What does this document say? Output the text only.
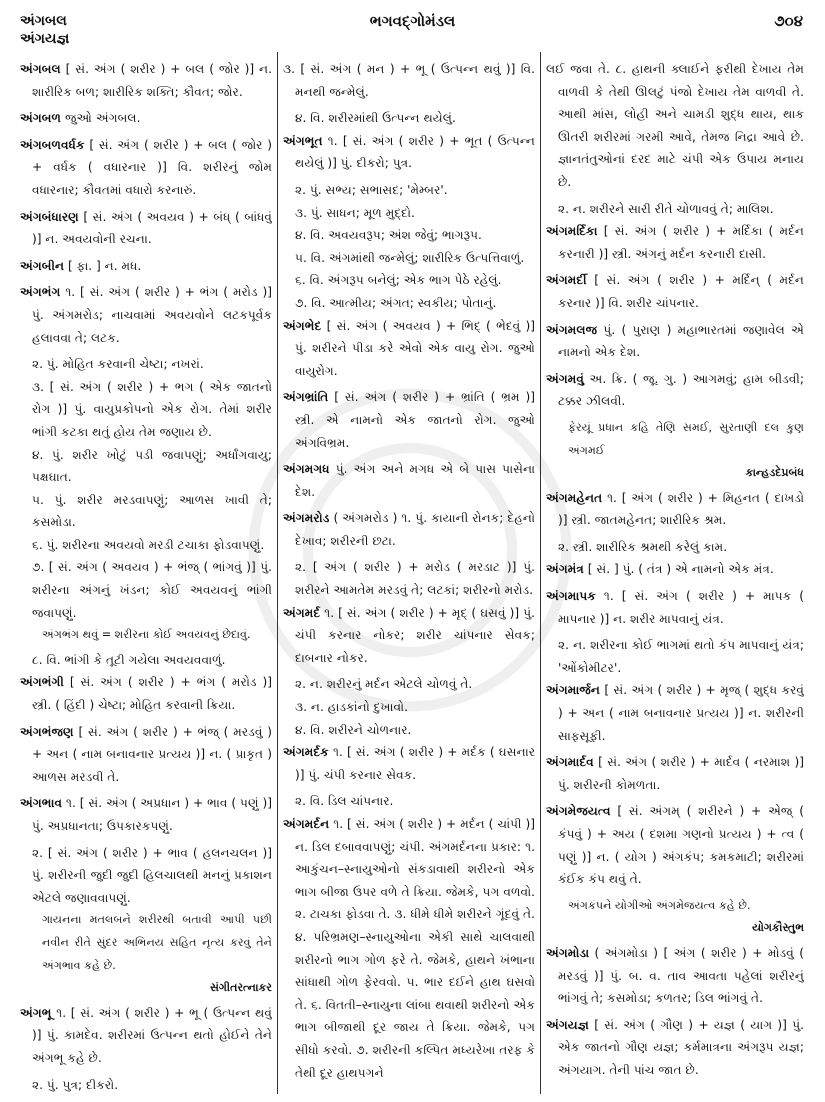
અંગબલ
અંગયજ્ઞ
ભગવદ્ગોમંડલ	૭૦૪
અંગબલ [ સં. અંગ ( શરીર ) + બલ ( જોર )] ન. શારીરિક બળ; શારીરિક શક્તિ; કૌવત; જોર.
અંગબળ જુઓ અંગબલ.
અંગબળવર્ધક [ સં. અંગ ( શરીર ) + બલ ( જોર ) + વર્ધક ( વધારનાર )] વિ. શરીરનું જોમ વધારનાર; કૌવતમાં વધારો કરનારું.
અંગબંધારણ [ સં. અંગ ( અવયવ ) + બંધ્ ( બાંધવું )] ન. અવયવોની રચના.
અંગબીન [ ફા. ] ન. મધ.
અંગભંગ ૧. [ સં. અંગ ( શરીર ) + ભંગ ( મરોડ )] પું. અંગમરોડ; નાચવામાં અવયવોને લટકપૂર્વક હલાવવા તે; લટક.
૨. પું. મોહિત કરવાની ચેષ્ટા; નખરાં.
૩. [ સં. અંગ ( શરીર ) + ભગ ( એક જાતનો રોગ )] પું. વાયુપ્રકોપનો એક રોગ. તેમાં શરીર ભાંગી કટકા થતું હોય તેમ જણાય છે.
૪. પું. શરીર ખોટું પડી જવાપણું; અર્ધાંગવાયુ; પક્ષઘાત.
૫. પું. શરીર મરડવાપણું; આળસ ખાવી તે; કસમોડા.
૬. પું. શરીરના અવયવો મરડી ટચાકા ફોડવાપણું.
૭. [ સં. અંગ ( અવયવ ) + ભંજ્ ( ભાંગવું )] પું. શરીરના અંગનું ખંડન; કોઈ અવયવનું ભાંગી જવાપણું.
અંગભંગ થવું = શરીરના કોઈ અવયવનું છેદાવું.
૮. વિ. ભાંગી કે તૂટી ગયેલા અવયવવાળું.
અંગભંગી [ સં. અંગ ( શરીર ) + ભંગ ( મરોડ )] સ્ત્રી. ( હિંદી ) ચેષ્ટા; મોહિત કરવાની ક્રિયા.
અંગભંજણ [ સં. અંગ ( શરીર ) + ભંજ્ ( મરડવું ) + અન ( નામ બનાવનાર પ્રત્યય )] ન. ( પ્રાકૃત ) આળસ મરડવી તે.
અંગભાવ ૧. [ સં. અંગ ( અપ્રધાન ) + ભાવ ( પણું )] પું. અપ્રધાનતા; ઉપકારકપણું.
૨. [ સં. અંગ ( શરીર ) + ભાવ ( હલનચલન )] પું. શરીરની જુદી જુદી હિલચાલથી મનનું પ્રકાશન એટલે જણાવવાપણું.
ગાયનના મતલબને શરીરથી બતાવી આપી પછી નવીન રીતે સુંદર અભિનય સહિત નૃત્ય કરવું તેને અંગભાવ કહે છે.
સંગીતરત્નાકર
અંગભૂ ૧. [ સં. અંગ ( શરીર ) + ભૂ ( ઉત્પન્ન થવું )] પું. કામદેવ. શરીરમાં ઉત્પન્ન થતો હોઈને તેને અંગભૂ કહે છે.
૨. પું. પુત્ર; દીકરો.
૩. [ સં. અંગ ( મન ) + ભૂ ( ઉત્પન્ન થવું )] વિ. મનથી જન્મેલું.
૪. વિ. શરીરમાંથી ઉત્પન્ન થયેલું.
અંગભૂત ૧. [ સં. અંગ ( શરીર ) + ભૂત ( ઉત્પન્ન થયેલું )] પું. દીકરો; પુત્ર.
૨. પું. સભ્ય; સભાસદ; 'મેમ્બર'.
૩. પું. સાધન; મૂળ મુદ્દો.
૪. વિ. અવયવરૂપ; અંશ જેવું; ભાગરૂપ.
૫. વિ. અંગમાંથી જન્મેલું; શારીરિક ઉત્પત્તિવાળું.
૬. વિ. અંગરૂપ બનેલું; એક ભાગ પેઠે રહેલું.
૭. વિ. આત્મીય; અંગત; સ્વકીય; પોતાનું.
અંગભેદ [ સં. અંગ ( અવયવ ) + ભિદ્ ( ભેદવું )] પું. શરીરને પીડા કરે એવો એક વાયુ રોગ. જુઓ વાયુરોગ.
અંગભ્રાંતિ [ સં. અંગ ( શરીર ) + ભ્રાંતિ ( ભ્રમ )] સ્ત્રી. એ નામનો એક જાતનો રોગ. જુઓ અંગવિભ્રમ.
અંગમગધ પું. અંગ અને મગધ એ બે પાસ પાસેના દેશ.
અંગમરોડ ( અંગમરોડ ) ૧. પું. કાયાની રોનક; દેહનો દેખાવ; શરીરની છટા.
૨. [ અંગ ( શરીર ) + મરોડ ( મરડાટ )] પું. શરીરને આમતેમ મરડવું તે; લટકાં; શરીરનો મરોડ.
અંગમર્દ ૧. [ સં. અંગ ( શરીર ) + મૃદ્ ( ઘસવું )] પું. ચંપી કરનાર નોકર; શરીર ચાંપનાર સેવક; દાબનાર નોકર.
૨. ન. શરીરનું મર્દન એટલે ચોળવું તે.
૩. ન. હાડકાંનો દુખાવો.
૪. વિ. શરીરને ચોળનાર.
અંગમર્દક ૧. [ સં. અંગ ( શરીર ) + મર્દક ( ઘસનાર )] પું. ચંપી કરનાર સેવક.
૨. વિ. ડિલ ચાંપનાર.
અંગમર્દન ૧. [ સં. અંગ ( શરીર ) + મર્દન ( ચાંપી )] ન. ડિલ દબાવવાપણું; ચંપી. અંગમર્દનના પ્રકાર: ૧. આકુંચન–સ્નાયુઓનો સંકડાવાથી શરીરનો એક ભાગ બીજા ઉપર વળે તે ક્રિયા. જેમકે, પગ વળવો. ૨. ટાચકા ફોડવા તે. ૩. ધીમે ધીમે શરીરને ગૂંદવું તે. ૪. પરિભ્રમણ–સ્નાયુઓના એકી સાથે ચાલવાથી શરીરનો ભાગ ગોળ ફરે તે. જેમકે, હાથને ખંભાના સાંધાથી ગોળ ફેરવવો. ૫. ભાર દઈને હાથ ઘસવો તે. ૬. વિતતી–સ્નાયુના લાંબા થવાથી શરીરનો એક ભાગ બીજાથી દૂર જાય તે ક્રિયા. જેમકે, પગ સીધો કરવો. ૭. શરીરની કલ્પિત મધ્યરેખા તરફ કે તેથી દૂર હાથપગને
લઈ જવા તે. ૮. હાથની ક્લાઈને ફરીથી દેખાય તેમ વાળવી કે તેથી ઊલટું પંજો દેખાય તેમ વાળવી તે. આથી માંસ, લોહી અને ચામડી શુદ્ધ થાય, થાક ઊતરી શરીરમાં ગરમી આવે, તેમજ નિદ્રા આવે છે. જ્ઞાનતંતુઓનાં દરદ માટે ચંપી એક ઉપાય મનાય છે.
૨. ન. શરીરને સારી રીતે ચોળાવવું તે; માલિશ.
અંગમર્દિકા [ સં. અંગ ( શરીર ) + મર્દિકા ( મર્દન કરનારી )] સ્ત્રી. અંગનું મર્દન કરનારી દાસી.
અંગમર્દી [ સં. અંગ ( શરીર ) + મર્દિન્ ( મર્દન કરનાર )] વિ. શરીર ચાંપનાર.
અંગમલજ પું. ( પુરાણ ) મહાભારતમાં જણાવેલ એ નામનો એક દેશ.
અંગમવું અ. ક્રિ. ( જૂ. ગુ. ) આગમવું; હામ બીડવી; ટક્કર ઝીલવી.
ફેરયૂં પ્રધાન કહિ તેણિ સમઈ, સુરતાણી દલ કુણ અંગમઈ
કાન્હડદેપ્રબંધ
અંગમહેનત ૧. [ અંગ ( શરીર ) + મિહનત ( દાખડો )] સ્ત્રી. જાતમહેનત; શારીરિક શ્રમ.
૨. સ્ત્રી. શારીરિક શ્રમથી કરેલું કામ.
અંગમંત્ર [ સં. ] પું. ( તંત્ર ) એ નામનો એક મંત્ર.
અંગમાપક ૧. [ સં. અંગ ( શરીર ) + માપક ( માપનાર )] ન. શરીર માપવાનું યંત્ર.
૨. ન. શરીરના કોઈ ભાગમાં થતો કંપ માપવાનું યંત્ર; 'ઓંકોમીટર'.
અંગમાર્જન [ સં. અંગ ( શરીર ) + મૃજ્ ( શુદ્ધ કરવું ) + અન ( નામ બનાવનાર પ્રત્યય )] ન. શરીરની સાફસૂફી.
અંગમાર્દવ [ સં. અંગ ( શરીર ) + માર્દવ ( નરમાશ )] પું. શરીરની કોમળતા.
અંગમેજયત્વ [ સં. અંગમ્ ( શરીરને ) + એજ્ ( કંપવું ) + અય ( દશમા ગણનો પ્રત્યય ) + ત્વ ( પણું )] ન. ( યોગ ) અંગકંપ; કમકમાટી; શરીરમાં કંઈક કંપ થવું તે.
અંગકંપને યોગીઓ અંગમેજયત્વ કહે છે.
યોગકૌસ્તુભ
અંગમોડા ( અંગમોડા ) [ અંગ ( શરીર ) + મોડવું ( મરડવું )] પું. બ. વ. તાવ આવતા પહેલાં શરીરનું ભાંગવું તે; કસમોડા; કળતર; ડિલ ભાંગવું તે.
અંગયજ્ઞ [ સં. અંગ ( ગૌણ ) + યજ્ઞ ( યાગ )] પું. એક જાતનો ગૌણ યજ્ઞ; કર્મમાત્રના અંગરૂપ યજ્ઞ; અંગયાગ. તેની પાંચ જાત છે.
